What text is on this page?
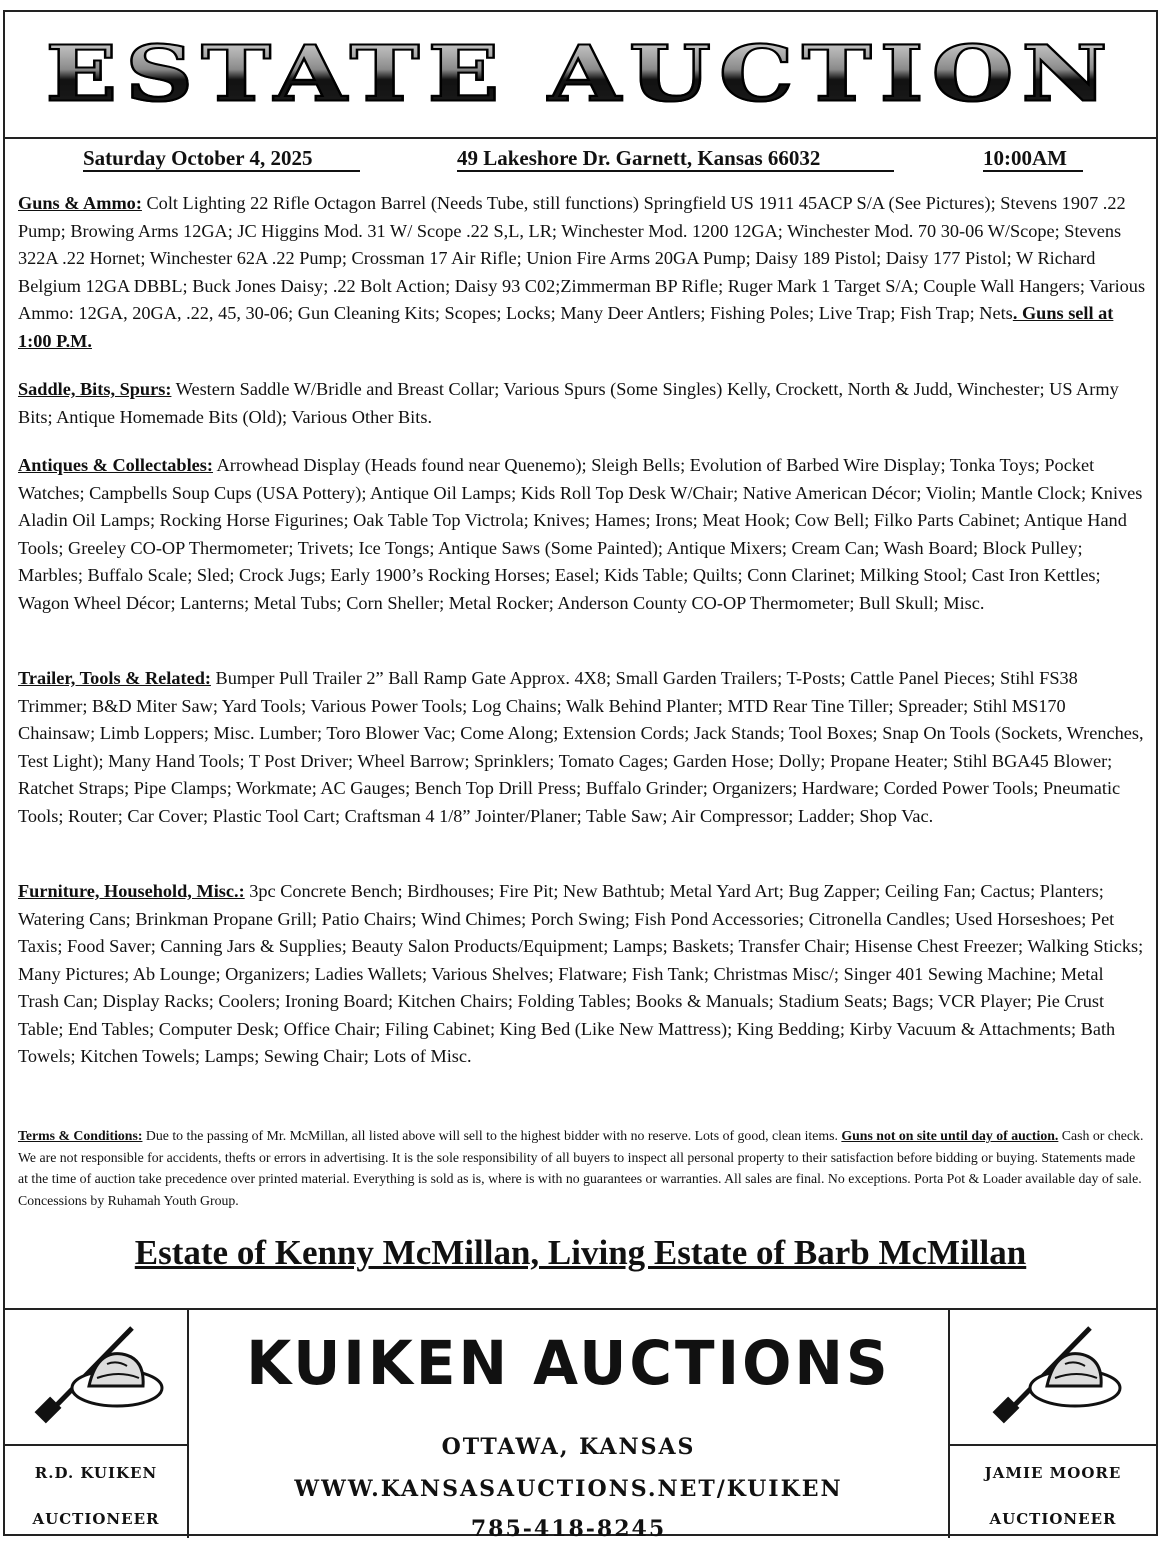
ESTATE AUCTION
Saturday October 4, 2025	49 Lakeshore Dr. Garnett, Kansas 66032	10:00AM
Guns & Ammo: Colt Lighting 22 Rifle Octagon Barrel (Needs Tube, still functions) Springfield US 1911 45ACP S/A (See Pictures); Stevens 1907 .22 Pump; Browing Arms 12GA; JC Higgins Mod. 31 W/ Scope .22 S,L, LR; Winchester Mod. 1200 12GA; Winchester Mod. 70 30-06 W/Scope; Stevens 322A .22 Hornet; Winchester 62A .22 Pump; Crossman 17 Air Rifle; Union Fire Arms 20GA Pump; Daisy 189 Pistol; Daisy 177 Pistol; W Richard Belgium 12GA DBBL; Buck Jones Daisy; .22 Bolt Action; Daisy 93 C02;Zimmerman BP Rifle; Ruger Mark 1 Target S/A; Couple Wall Hangers; Various Ammo: 12GA, 20GA, .22, 45, 30-06; Gun Cleaning Kits; Scopes; Locks; Many Deer Antlers; Fishing Poles; Live Trap; Fish Trap; Nets. Guns sell at 1:00 P.M.
Saddle, Bits, Spurs: Western Saddle W/Bridle and Breast Collar; Various Spurs (Some Singles) Kelly, Crockett, North & Judd, Winchester; US Army Bits; Antique Homemade Bits (Old); Various Other Bits.
Antiques & Collectables: Arrowhead Display (Heads found near Quenemo); Sleigh Bells; Evolution of Barbed Wire Display; Tonka Toys; Pocket Watches; Campbells Soup Cups (USA Pottery); Antique Oil Lamps; Kids Roll Top Desk W/Chair; Native American Décor; Violin; Mantle Clock; Knives Aladin Oil Lamps; Rocking Horse Figurines; Oak Table Top Victrola; Knives; Hames; Irons; Meat Hook; Cow Bell; Filko Parts Cabinet; Antique Hand Tools; Greeley CO-OP Thermometer; Trivets; Ice Tongs; Antique Saws (Some Painted); Antique Mixers; Cream Can; Wash Board; Block Pulley; Marbles; Buffalo Scale; Sled; Crock Jugs; Early 1900’s Rocking Horses; Easel; Kids Table; Quilts; Conn Clarinet; Milking Stool; Cast Iron Kettles; Wagon Wheel Décor; Lanterns; Metal Tubs; Corn Sheller; Metal Rocker; Anderson County CO-OP Thermometer; Bull Skull; Misc.
Trailer, Tools & Related: Bumper Pull Trailer 2” Ball Ramp Gate Approx. 4X8; Small Garden Trailers; T-Posts; Cattle Panel Pieces; Stihl FS38 Trimmer; B&D Miter Saw; Yard Tools; Various Power Tools; Log Chains; Walk Behind Planter; MTD Rear Tine Tiller; Spreader; Stihl MS170 Chainsaw; Limb Loppers; Misc. Lumber; Toro Blower Vac; Come Along; Extension Cords; Jack Stands; Tool Boxes; Snap On Tools (Sockets, Wrenches, Test Light); Many Hand Tools; T Post Driver; Wheel Barrow; Sprinklers; Tomato Cages; Garden Hose; Dolly; Propane Heater; Stihl BGA45 Blower; Ratchet Straps; Pipe Clamps; Workmate; AC Gauges; Bench Top Drill Press; Buffalo Grinder; Organizers; Hardware; Corded Power Tools; Pneumatic Tools; Router; Car Cover; Plastic Tool Cart; Craftsman 4 1/8” Jointer/Planer; Table Saw; Air Compressor; Ladder; Shop Vac.
Furniture, Household, Misc.: 3pc Concrete Bench; Birdhouses; Fire Pit; New Bathtub; Metal Yard Art; Bug Zapper; Ceiling Fan; Cactus; Planters; Watering Cans; Brinkman Propane Grill; Patio Chairs; Wind Chimes; Porch Swing; Fish Pond Accessories; Citronella Candles; Used Horseshoes; Pet Taxis; Food Saver; Canning Jars & Supplies; Beauty Salon Products/Equipment; Lamps; Baskets; Transfer Chair; Hisense Chest Freezer; Walking Sticks; Many Pictures; Ab Lounge; Organizers; Ladies Wallets; Various Shelves; Flatware; Fish Tank; Christmas Misc/; Singer 401 Sewing Machine; Metal Trash Can; Display Racks; Coolers; Ironing Board; Kitchen Chairs; Folding Tables; Books & Manuals; Stadium Seats; Bags; VCR Player; Pie Crust Table; End Tables; Computer Desk; Office Chair; Filing Cabinet; King Bed (Like New Mattress); King Bedding; Kirby Vacuum & Attachments; Bath Towels; Kitchen Towels; Lamps; Sewing Chair; Lots of Misc.
Terms & Conditions: Due to the passing of Mr. McMillan, all listed above will sell to the highest bidder with no reserve. Lots of good, clean items. Guns not on site until day of auction. Cash or check. We are not responsible for accidents, thefts or errors in advertising. It is the sole responsibility of all buyers to inspect all personal property to their satisfaction before bidding or buying. Statements made at the time of auction take precedence over printed material. Everything is sold as is, where is with no guarantees or warranties. All sales are final. No exceptions. Porta Pot & Loader available day of sale. Concessions by Ruhamah Youth Group.
Estate of Kenny McMillan, Living Estate of Barb McMillan
R.D. KUIKEN
AUCTIONEER
KUIKEN AUCTIONS
OTTAWA, KANSAS
WWW.KANSASAUCTIONS.NET/KUIKEN
785-418-8245
JAMIE MOORE
AUCTIONEER
